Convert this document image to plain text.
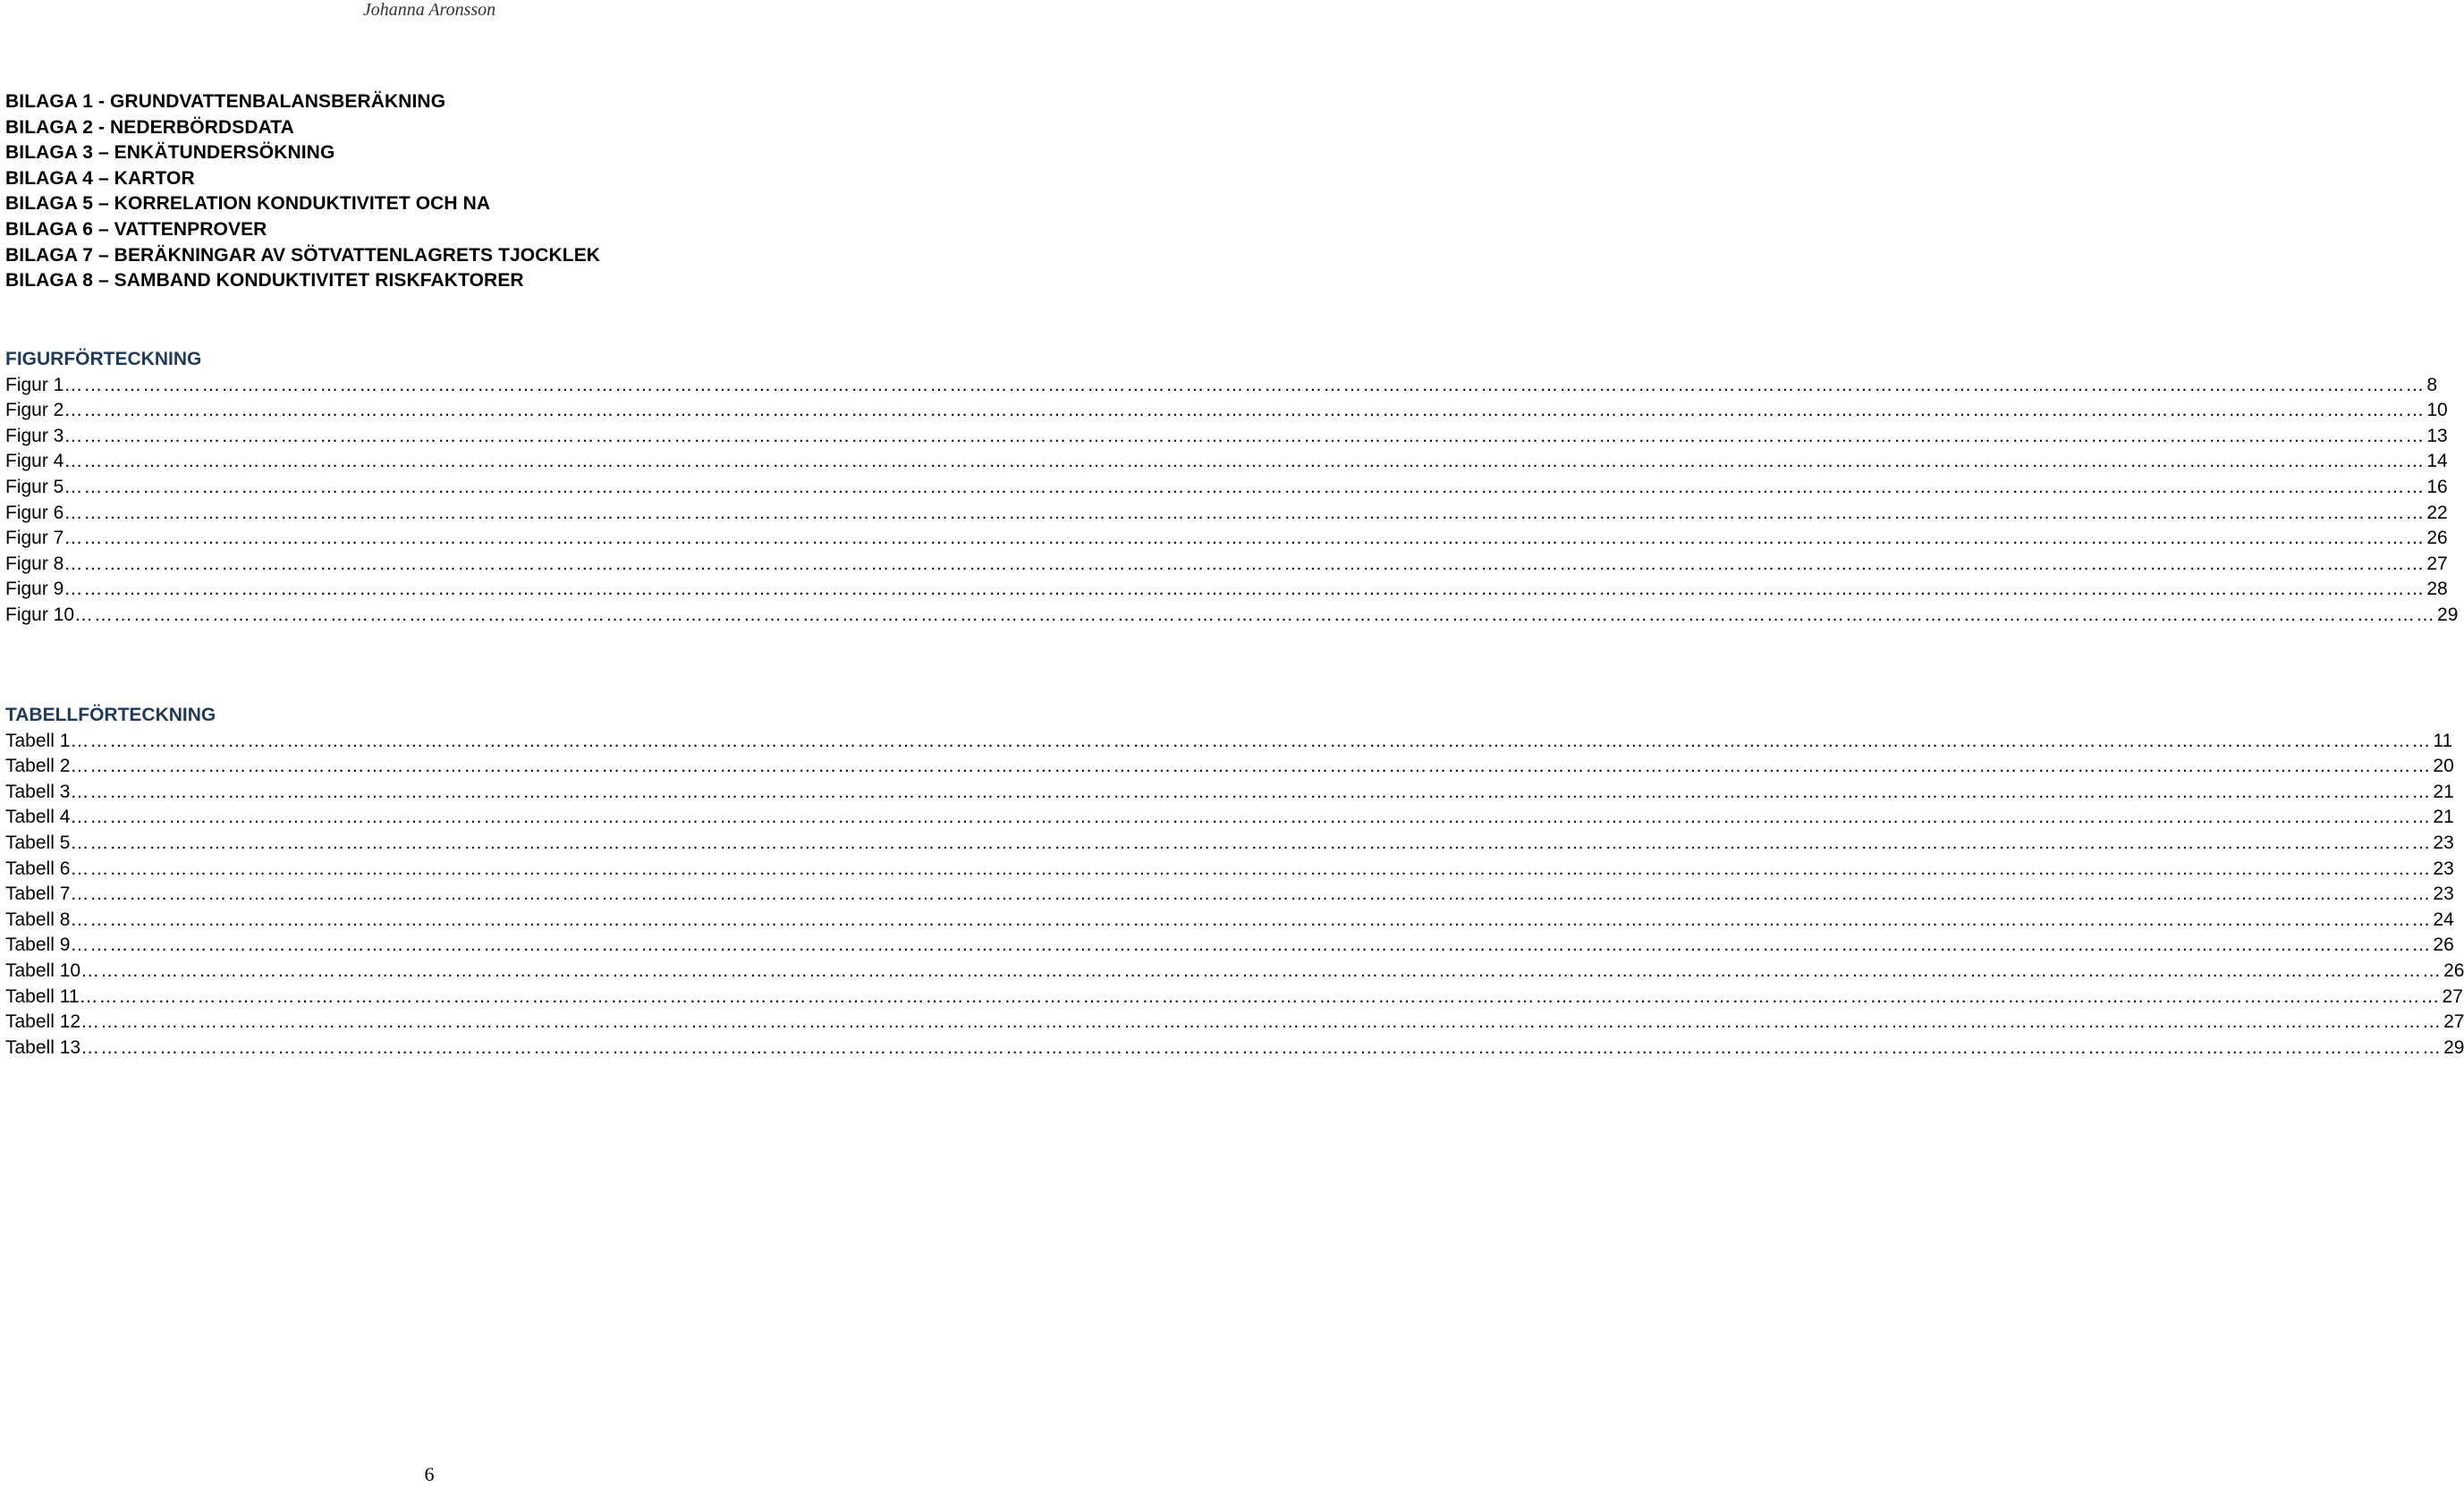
Johanna Aronsson
BILAGA 1 - GRUNDVATTENBALANSBERÄKNING
BILAGA 2 - NEDERBÖRDSDATA
BILAGA 3 – ENKÄTUNDERSÖKNING
BILAGA 4 – KARTOR
BILAGA 5 – KORRELATION KONDUKTIVITET OCH NA
BILAGA 6 – VATTENPROVER
BILAGA 7 – BERÄKNINGAR AV SÖTVATTENLAGRETS TJOCKLEK
BILAGA 8 – SAMBAND KONDUKTIVITET RISKFAKTORER
FIGURFÖRTECKNING
Figur 1 ……………………………………………………………………………………………………………………………………………………………………………………………………………………………………………………………………………………………………………………………… 8
Figur 2 ……………………………………………………………………………………………………………………………………………………………………………………………………………………………………………………………………………………………………………………………… 10
Figur 3 ……………………………………………………………………………………………………………………………………………………………………………………………………………………………………………………………………………………………………………………………… 13
Figur 4 ……………………………………………………………………………………………………………………………………………………………………………………………………………………………………………………………………………………………………………………………… 14
Figur 5 ……………………………………………………………………………………………………………………………………………………………………………………………………………………………………………………………………………………………………………………………… 16
Figur 6 ……………………………………………………………………………………………………………………………………………………………………………………………………………………………………………………………………………………………………………………………… 22
Figur 7 ……………………………………………………………………………………………………………………………………………………………………………………………………………………………………………………………………………………………………………………………… 26
Figur 8 ……………………………………………………………………………………………………………………………………………………………………………………………………………………………………………………………………………………………………………………………… 27
Figur 9 ……………………………………………………………………………………………………………………………………………………………………………………………………………………………………………………………………………………………………………………………… 28
Figur 10 ……………………………………………………………………………………………………………………………………………………………………………………………………………………………………………………………………………………………………………………………… 29
TABELLFÖRTECKNING
Tabell 1 ……………………………………………………………………………………………………………………………………………………………………………………………………………………………………………………………………………………………………………………………… 11
Tabell 2 ……………………………………………………………………………………………………………………………………………………………………………………………………………………………………………………………………………………………………………………………… 20
Tabell 3 ……………………………………………………………………………………………………………………………………………………………………………………………………………………………………………………………………………………………………………………………… 21
Tabell 4 ……………………………………………………………………………………………………………………………………………………………………………………………………………………………………………………………………………………………………………………………… 21
Tabell 5 ……………………………………………………………………………………………………………………………………………………………………………………………………………………………………………………………………………………………………………………………… 23
Tabell 6 ……………………………………………………………………………………………………………………………………………………………………………………………………………………………………………………………………………………………………………………………… 23
Tabell 7 ……………………………………………………………………………………………………………………………………………………………………………………………………………………………………………………………………………………………………………………………… 23
Tabell 8 ……………………………………………………………………………………………………………………………………………………………………………………………………………………………………………………………………………………………………………………………… 24
Tabell 9 ……………………………………………………………………………………………………………………………………………………………………………………………………………………………………………………………………………………………………………………………… 26
Tabell 10 ……………………………………………………………………………………………………………………………………………………………………………………………………………………………………………………………………………………………………………………………… 26
Tabell 11 ……………………………………………………………………………………………………………………………………………………………………………………………………………………………………………………………………………………………………………………………… 27
Tabell 12 ……………………………………………………………………………………………………………………………………………………………………………………………………………………………………………………………………………………………………………………………… 27
Tabell 13 ……………………………………………………………………………………………………………………………………………………………………………………………………………………………………………………………………………………………………………………………… 29
6
